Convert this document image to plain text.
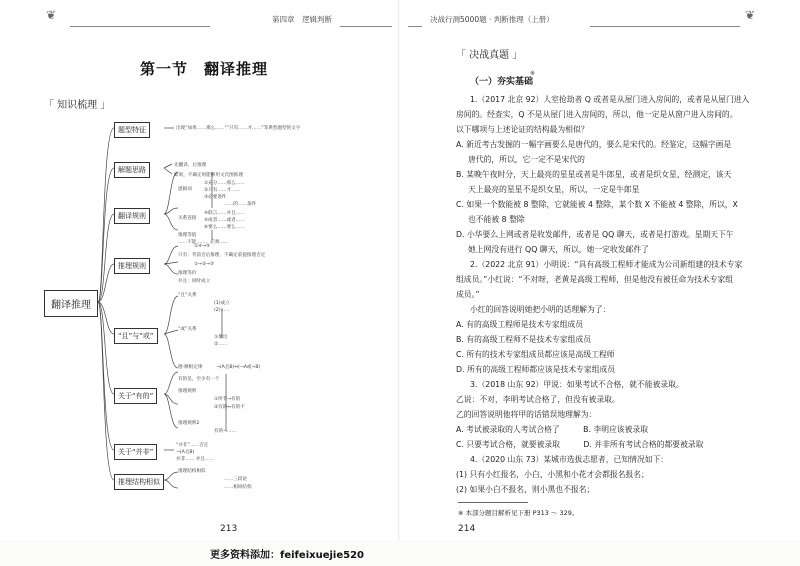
❦	第四章　逻辑判断
第一节　翻译推理
「 知识梳理 」
翻译推理
题型特征	出现“如果……那么……”“只有……才……”等典型题型的文字
解题思路
先翻译，后推理
如果，不确定时能够用文氏图推理
翻译规则
逻辑词
①充分……那么……
②只有……才……
③必要条件
……的……条件
关系连接
④联言……并且……
⑤或者……或者……
⑥要么……要么……
推理等值
……不能……，必须……
推理规则
①④→⑤
只有：肯前否后推理，不确定前提推理否定
①→②→③
推理等价
并且：同时成立
“且”与“或”
“且”关系
(1)成立
(2)……
“或”关系
①推出
②……
德·摩根定律	¬(A且B)⇔(¬A或¬B)
关于“有的”
有的是，至少有一个
推理规则
①所有→有的
②有的↔有的不
推理规则2
有的→……
关于“并非”
“并非”……否定
¬(A且B)
并非…… 并且……
推理结构相似
推理结构相似
……三段论
……相同结构
213
决战行测5000题 · 判断推理（上册）	❦
「 决战真题 」
（一）夯实基础
※
1.（2017 北京 92）人室抢劫者 Q 或者是从屋门进入房间的，或者是从屋门进入
房间的。经查实，Q 不是从屋门进入房间的，所以，他一定是从窗户进入房间的。
以下哪项与上述论证的结构最为相似？
A. 新近考古发掘的一幅字画要么是唐代的，要么是宋代的。经鉴定，这幅字画是
唐代的，所以，它一定不是宋代的
B. 某晚午夜时分，天上最亮的星星或者是牛郎星，或者是织女星，经测定，该天
天上最亮的星星不是织女星，所以，一定是牛郎星
C. 如果一个数能被 8 整除，它就能被 4 整除，某个数 X 不能被 4 整除，所以，X
也不能被 8 整除
D. 小华要么上网或者是收发邮件，或者是 QQ 聊天，或者是打游戏。星期天下午
她上网没有进行 QQ 聊天，所以，她一定收发邮件了
2.（2022 北京 91）小明说：“具有高级工程师才能成为公司新组建的技术专家
组成员。”小红说：“不对呀，老黄是高级工程师，但是他没有被任命为技术专家组
成员。”
小红的回答说明她把小明的话理解为了：
A. 有的高级工程师是技术专家组成员
B. 有的高级工程师不是技术专家组成员
C. 所有的技术专家组成员都应该是高级工程师
D. 所有的高级工程师都应该是技术专家组成员
3.（2018 山东 92）甲说：如果考试不合格，就不能被录取。
乙说：不对，李明考试合格了，但没有被录取。
乙的回答说明他将甲的话错误地理解为：
A. 考试被录取的人考试合格了　　　B. 李明应该被录取
C. 只要考试合格，就要被录取　　　D. 并非所有考试合格的都要被录取
4.（2020 山东 73）某城市选拔志愿者，已知情况如下：
(1) 只有小红报名，小白、小黑和小花才会都报名报名；
(2) 如果小白不报名，则小黑也不报名；
※ 本部分题目解析见下册 P313 ～ 329。
214
更多资料添加：feifeixuejie520
